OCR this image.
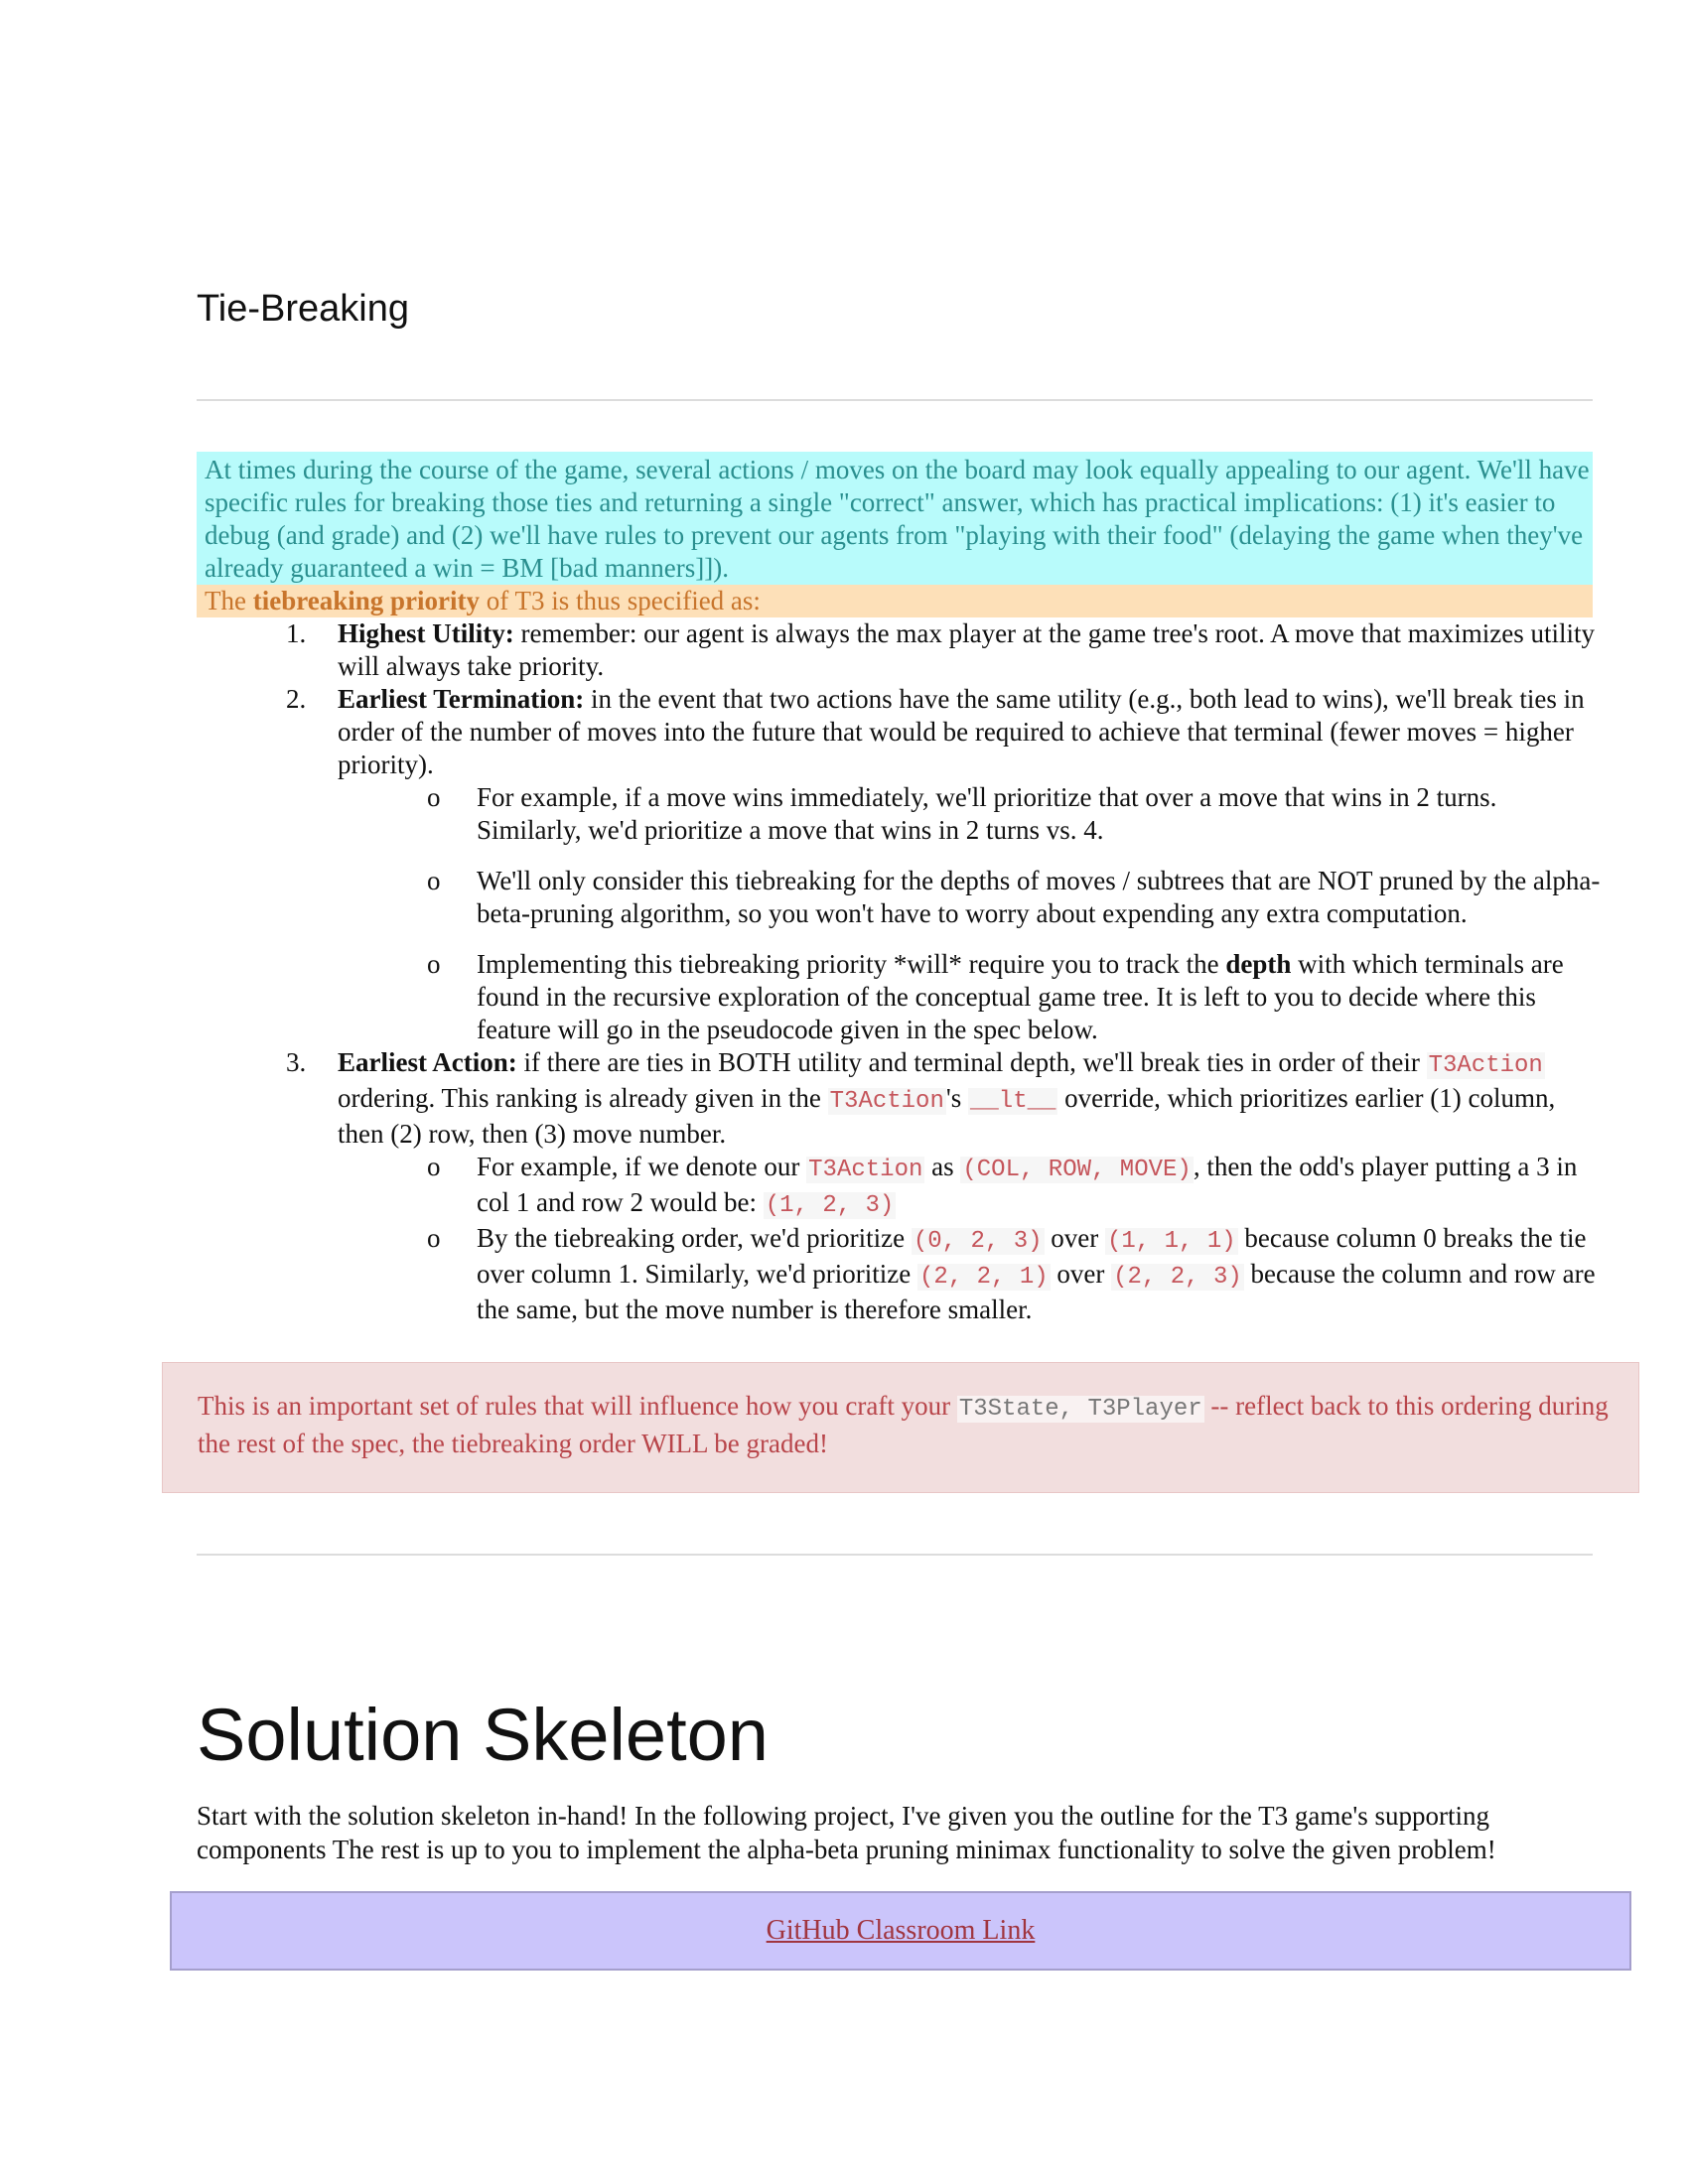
Tie-Breaking

At times during the course of the game, several actions / moves on the board may look equally appealing to our agent. We'll have specific rules for breaking those ties and returning a single "correct" answer, which has practical implications: (1) it's easier to debug (and grade) and (2) we'll have rules to prevent our agents from "playing with their food" (delaying the game when they've already guaranteed a win = BM [bad manners]]).

The tiebreaking priority of T3 is thus specified as:
1. Highest Utility: remember: our agent is always the max player at the game tree's root. A move that maximizes utility will always take priority.
2. Earliest Termination: in the event that two actions have the same utility (e.g., both lead to wins), we'll break ties in order of the number of moves into the future that would be required to achieve that terminal (fewer moves = higher priority).
o For example, if a move wins immediately, we'll prioritize that over a move that wins in 2 turns. Similarly, we'd prioritize a move that wins in 2 turns vs. 4.
o We'll only consider this tiebreaking for the depths of moves / subtrees that are NOT pruned by the alpha-beta-pruning algorithm, so you won't have to worry about expending any extra computation.
o Implementing this tiebreaking priority *will* require you to track the depth with which terminals are found in the recursive exploration of the conceptual game tree. It is left to you to decide where this feature will go in the pseudocode given in the spec below.
3. Earliest Action: if there are ties in BOTH utility and terminal depth, we'll break ties in order of their T3Action ordering. This ranking is already given in the T3Action's __lt__ override, which prioritizes earlier (1) column, then (2) row, then (3) move number.
o For example, if we denote our T3Action as (COL, ROW, MOVE), then the odd's player putting a 3 in col 1 and row 2 would be: (1, 2, 3)
o By the tiebreaking order, we'd prioritize (0, 2, 3) over (1, 1, 1) because column 0 breaks the tie over column 1. Similarly, we'd prioritize (2, 2, 1) over (2, 2, 3) because the column and row are the same, but the move number is therefore smaller.
This is an important set of rules that will influence how you craft your T3State, T3Player -- reflect back to this ordering during the rest of the spec, the tiebreaking order WILL be graded!
Solution Skeleton

Start with the solution skeleton in-hand! In the following project, I've given you the outline for the T3 game's supporting components The rest is up to you to implement the alpha-beta pruning minimax functionality to solve the given problem!

GitHub Classroom Link
